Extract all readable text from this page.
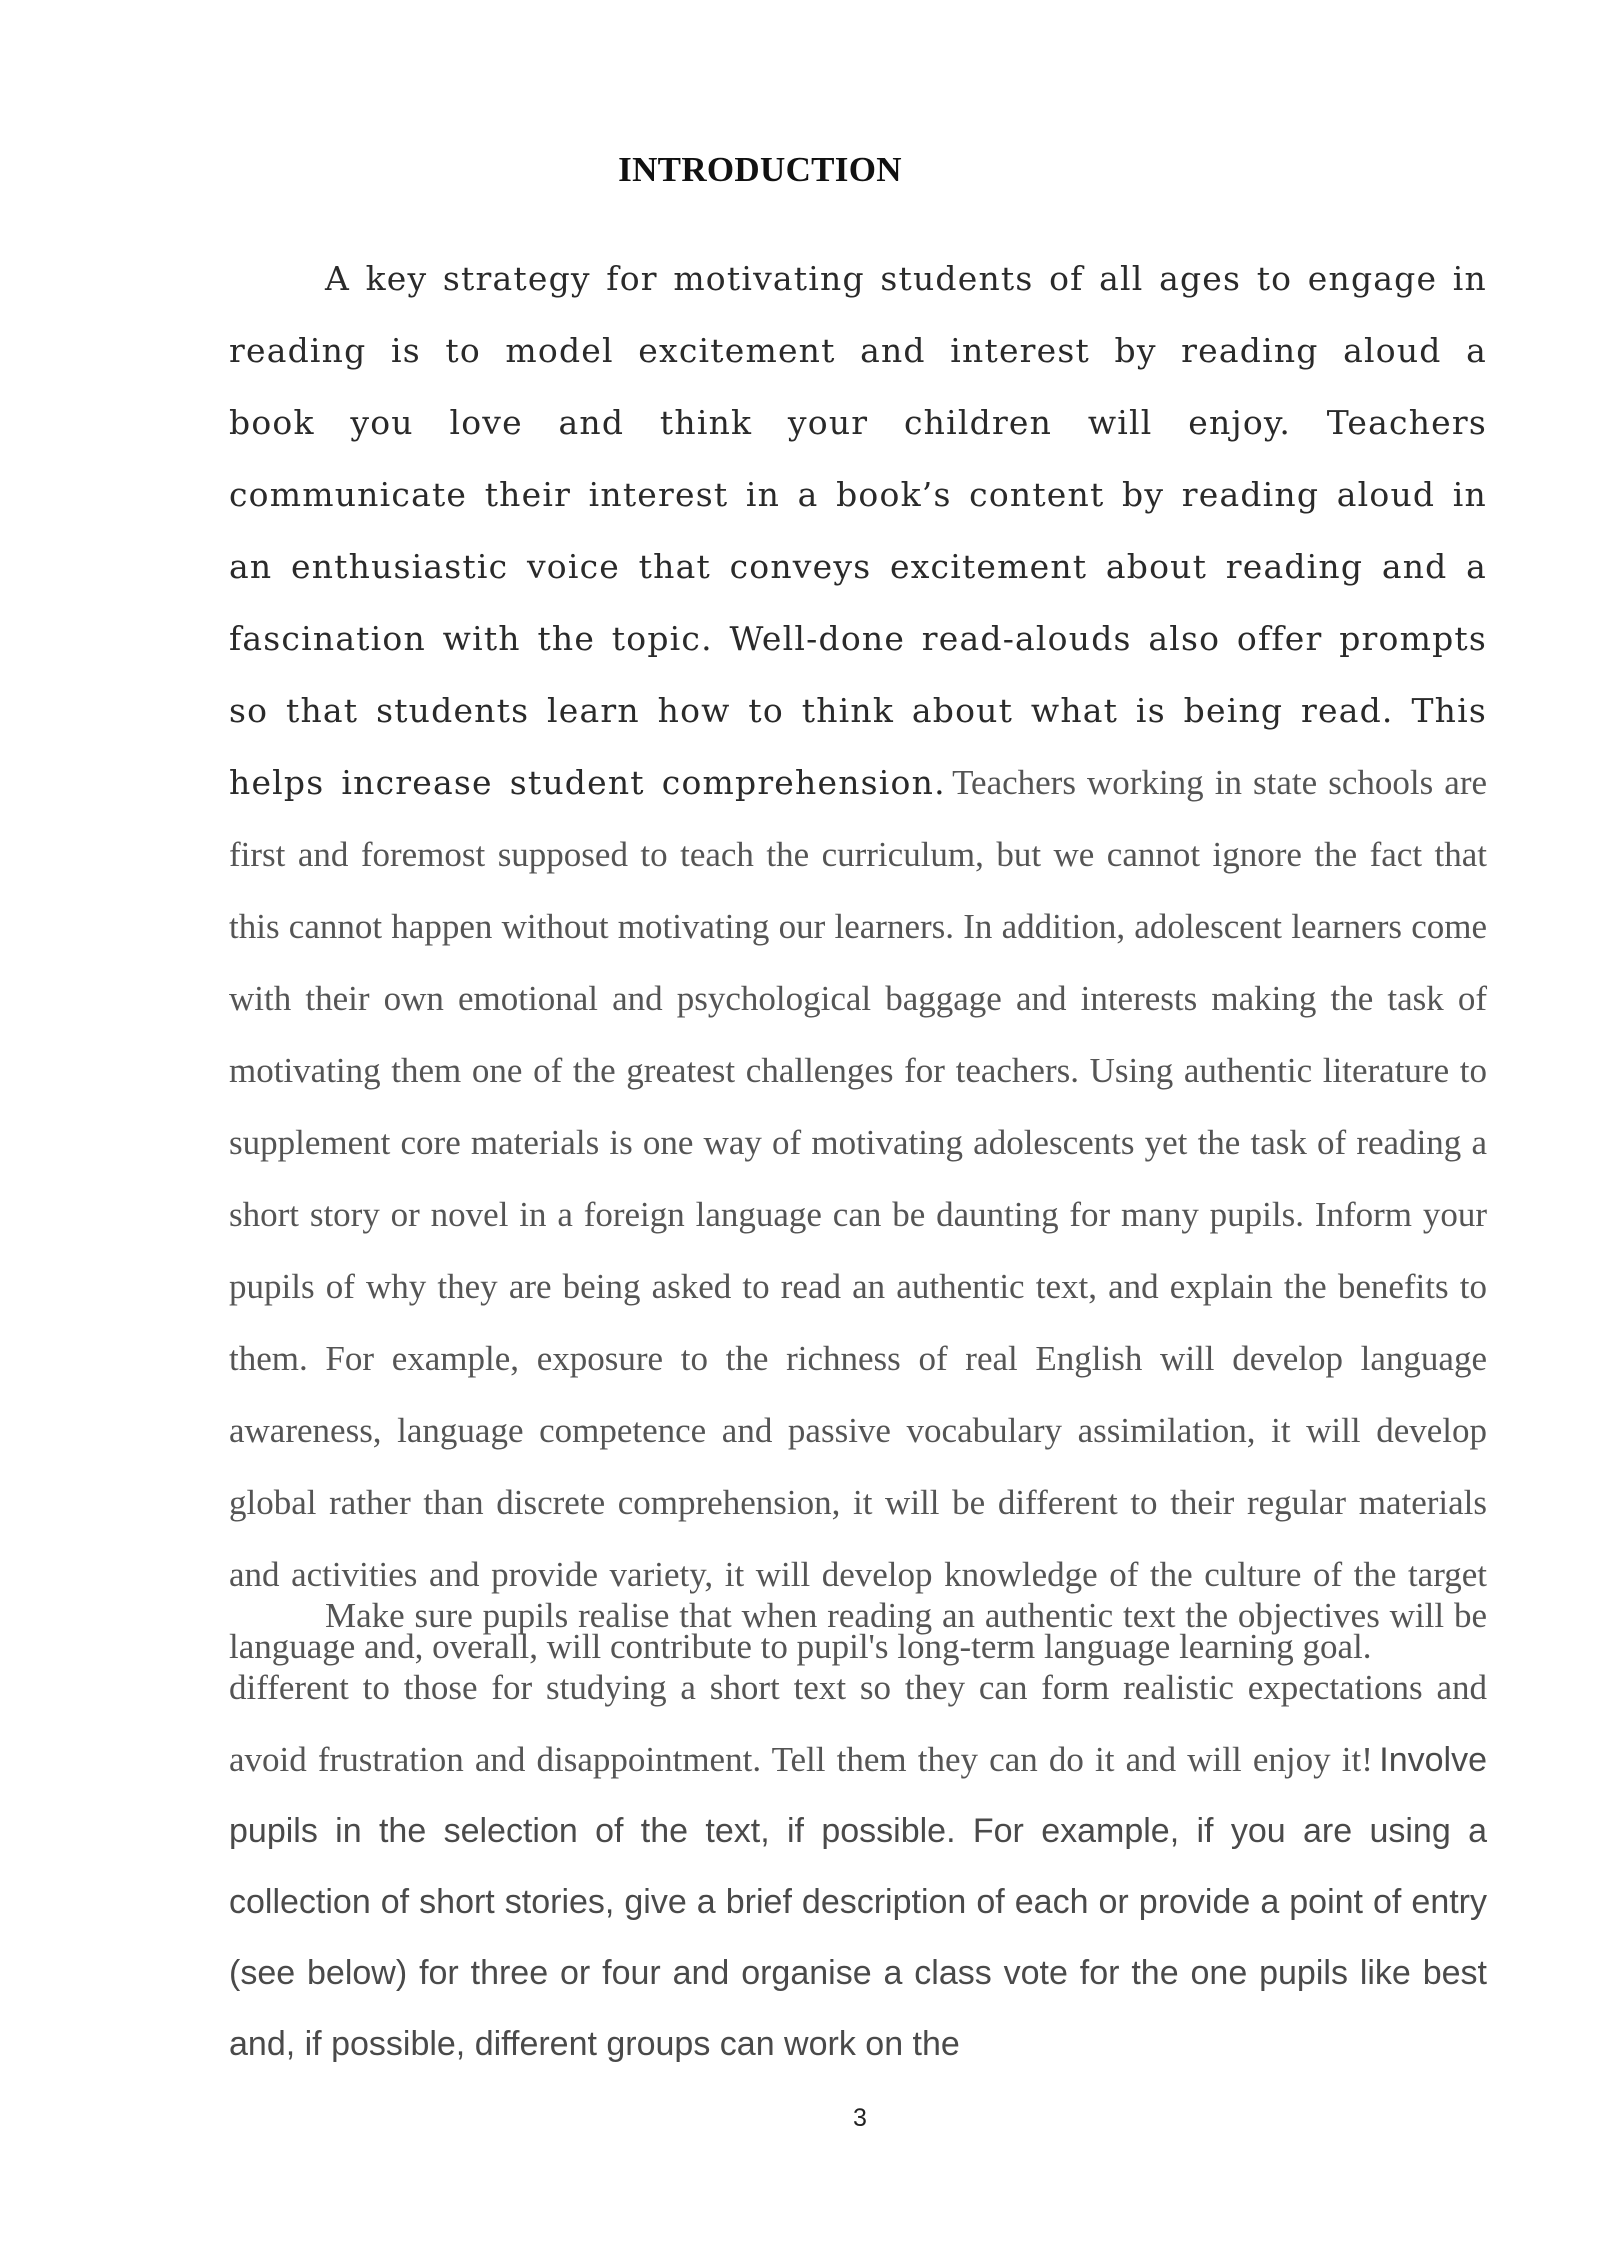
INTRODUCTION

A key strategy for motivating students of all ages to engage in reading is to model excitement and interest by reading aloud a book you love and think your children will enjoy. Teachers communicate their interest in a book’s content by reading aloud in an enthusiastic voice that conveys excitement about reading and a fascination with the topic. Well-done read-alouds also offer prompts so that students learn how to think about what is being read. This helps increase student comprehension. Teachers working in state schools are first and foremost supposed to teach the curriculum, but we cannot ignore the fact that this cannot happen without motivating our learners. In addition, adolescent learners come with their own emotional and psychological baggage and interests making the task of motivating them one of the greatest challenges for teachers. Using authentic literature to supplement core materials is one way of motivating adolescents yet the task of reading a short story or novel in a foreign language can be daunting for many pupils. Inform your pupils of why they are being asked to read an authentic text, and explain the benefits to them. For example, exposure to the richness of real English will develop language awareness, language competence and passive vocabulary assimilation, it will develop global rather than discrete comprehension, it will be different to their regular materials and activities and provide variety, it will develop knowledge of the culture of the target language and, overall, will contribute to pupil's long-term language learning goal.

Make sure pupils realise that when reading an authentic text the objectives will be different to those for studying a short text so they can form realistic expectations and avoid frustration and disappointment. Tell them they can do it and will enjoy it! Involve pupils in the selection of the text, if possible. For example, if you are using a collection of short stories, give a brief description of each or provide a point of entry (see below) for three or four and organise a class vote for the one pupils like best and, if possible, different groups can work on the

3
